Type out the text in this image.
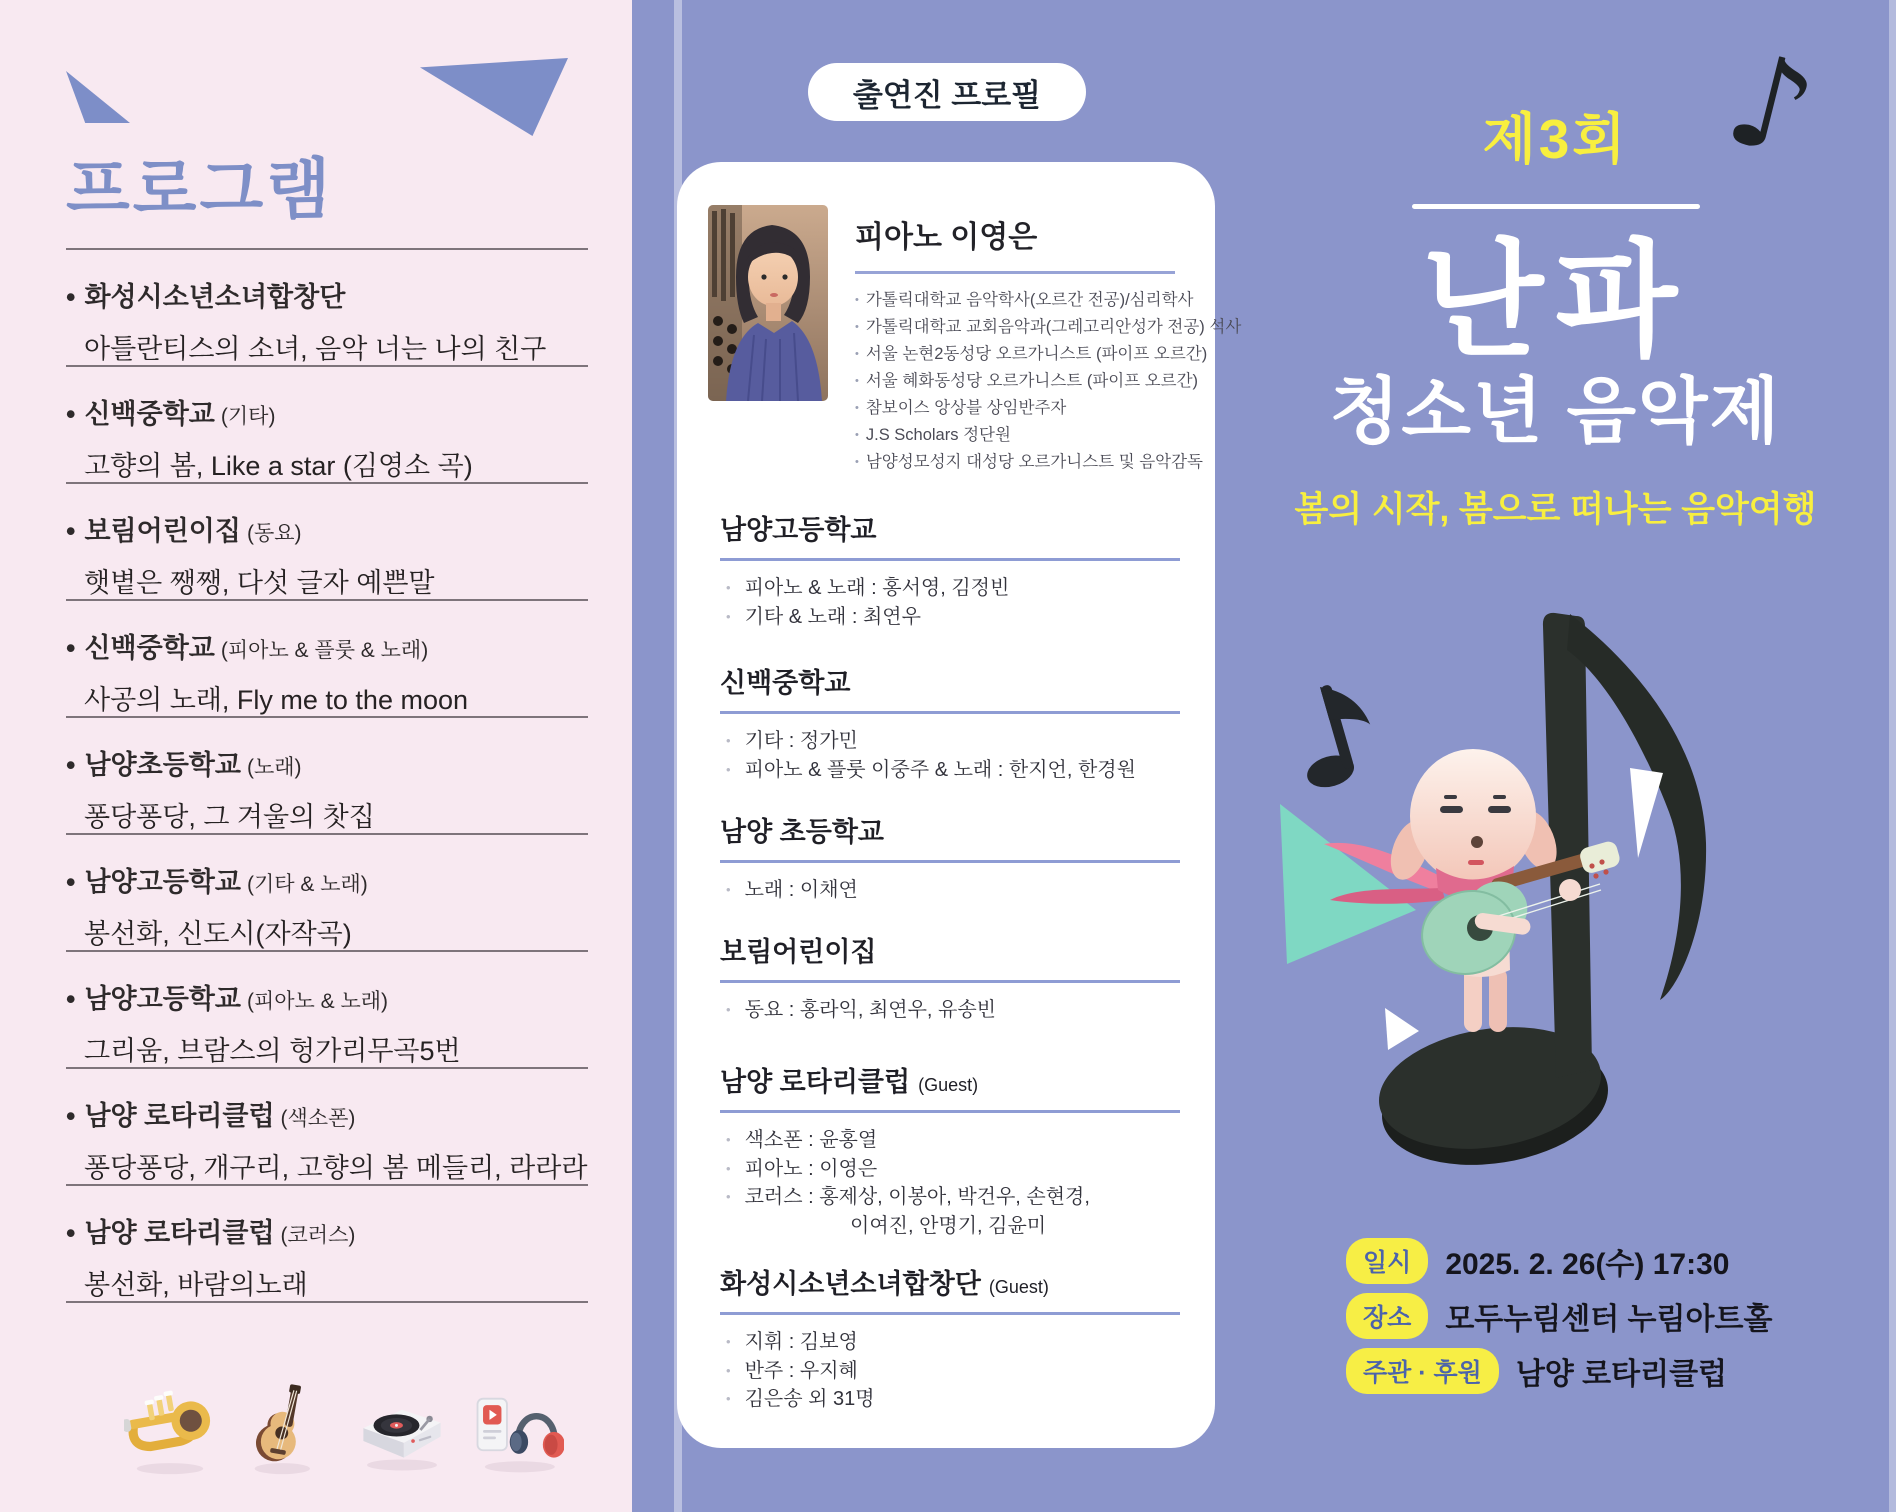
프로그램
• 화성시소년소녀합창단
아틀란티스의 소녀, 음악 너는 나의 친구
• 신백중학교 (기타)
고향의 봄, Like a star (김영소 곡)
• 보림어린이집 (동요)
햇볕은 쨍쨍, 다섯 글자 예쁜말
• 신백중학교 (피아노 & 플룻 & 노래)
사공의 노래, Fly me to the moon
• 남양초등학교 (노래)
퐁당퐁당, 그 겨울의 찻집
• 남양고등학교 (기타 & 노래)
봉선화, 신도시(자작곡)
• 남양고등학교 (피아노 & 노래)
그리움, 브람스의 헝가리무곡5번
• 남양 로타리클럽 (색소폰)
퐁당퐁당, 개구리, 고향의 봄 메들리, 라라라
• 남양 로타리클럽 (코러스)
봉선화, 바람의노래
출연진 프로필
피아노 이영은
• 가톨릭대학교 음악학사(오르간 전공)/심리학사
• 가톨릭대학교 교회음악과(그레고리안성가 전공) 석사
• 서울 논현2동성당 오르가니스트 (파이프 오르간)
• 서울 혜화동성당 오르가니스트 (파이프 오르간)
• 참보이스 앙상블 상임반주자
• J.S Scholars 정단원
• 남양성모성지 대성당 오르가니스트 및 음악감독
남양고등학교
• 피아노 & 노래 : 홍서영, 김정빈
• 기타 & 노래 : 최연우
신백중학교
• 기타 : 정가민
• 피아노 & 플룻 이중주 & 노래 : 한지언, 한경원
남양 초등학교
• 노래 : 이채연
보림어린이집
• 동요 : 홍라익, 최연우, 유송빈
남양 로타리클럽 (Guest)
• 색소폰 : 윤홍열
• 피아노 : 이영은
• 코러스 : 홍제상, 이봉아, 박건우, 손현경,
이여진, 안명기, 김윤미
화성시소년소녀합창단 (Guest)
• 지휘 : 김보영
• 반주 : 우지혜
• 김은송 외 31명
제3회 ♪
난파
청소년 음악제
봄의 시작, 봄으로 떠나는 음악여행
일시	2025. 2. 26(수) 17:30
장소	모두누림센터 누림아트홀
주관 · 후원	남양 로타리클럽
